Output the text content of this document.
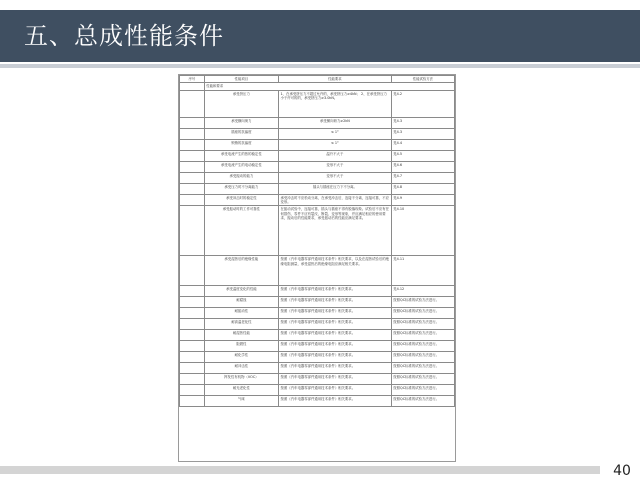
五、总成性能条件
序号	性能项目	性能要求	性能试验方法
	性能和要求		
	承受挤压力	1、在承受挤压力不超过允许的，承受挤压力≥4kN； 2、在承受挤压力小于许可的的，承受挤压力≥3.0kN。	见4.2
	承受横向荷力	承受横向荷力≥2kN	见4.3
	插座的抗偏度	≤ 1°	见4.3
	锁销的抗偏度	≤ 1°	见4.4
	承受电流产生的热的稳定性	温升不大于	见4.5
	承受电流产生的电动稳定性	变形不大于	见4.6
	承受振动的能力	变形不大于	见4.7
	承受压力时不分离能力	插头与插座在压力下不分离。	见4.8
	承受冲击时的稳定性	承受冲击时不应松动分离，在承受冲击后，连接不分离，连接可靠，不应变形。	见4.9
	承受振动时的工作可靠性	在振动试验中，连接可靠，插头与插座不得有脱落现象。试验后不应有任何损伤，零件不应有裂纹、断裂、变形等现象，并应满足相应的使用要求，振动后的性能要求，承受振动后的性能应满足要求。	见4.10
	承受湿热后的绝缘性能	按照《汽车电器零部件通用技术条件》相关要求，以及在湿热试验后的绝缘电阻测量，承受湿热后的绝缘电阻应满足相关要求。	见4.11
	承受温度变化的性能	按照《汽车电器零部件通用技术条件》相关要求。	见4.12
	耐腐蚀	按照《汽车电器零部件通用技术条件》相关要求。	按照QC标准的试验方法进行。
	耐振动性	按照《汽车电器零部件通用技术条件》相关要求。	按照QC标准的试验方法进行。
	耐高温老化性	按照《汽车电器零部件通用技术条件》相关要求。	按照QC标准的试验方法进行。
	耐湿热性能	按照《汽车电器零部件通用技术条件》相关要求。	按照QC标准的试验方法进行。
	阻燃性	按照《汽车电器零部件通用技术条件》相关要求。	按照QC标准的试验方法进行。
	耐化学性	按照《汽车电器零部件通用技术条件》相关要求。	按照QC标准的试验方法进行。
	耐冲击性	按照《汽车电器零部件通用技术条件》相关要求。	按照QC标准的试验方法进行。
	挥发性有机物（VOC）	按照《汽车电器零部件通用技术条件》相关要求。	按照QC标准的试验方法进行。
	耐光老化性	按照《汽车电器零部件通用技术条件》相关要求。	按照QC标准的试验方法进行。
	气味	按照《汽车电器零部件通用技术条件》相关要求。	按照QC标准的试验方法进行。
40
